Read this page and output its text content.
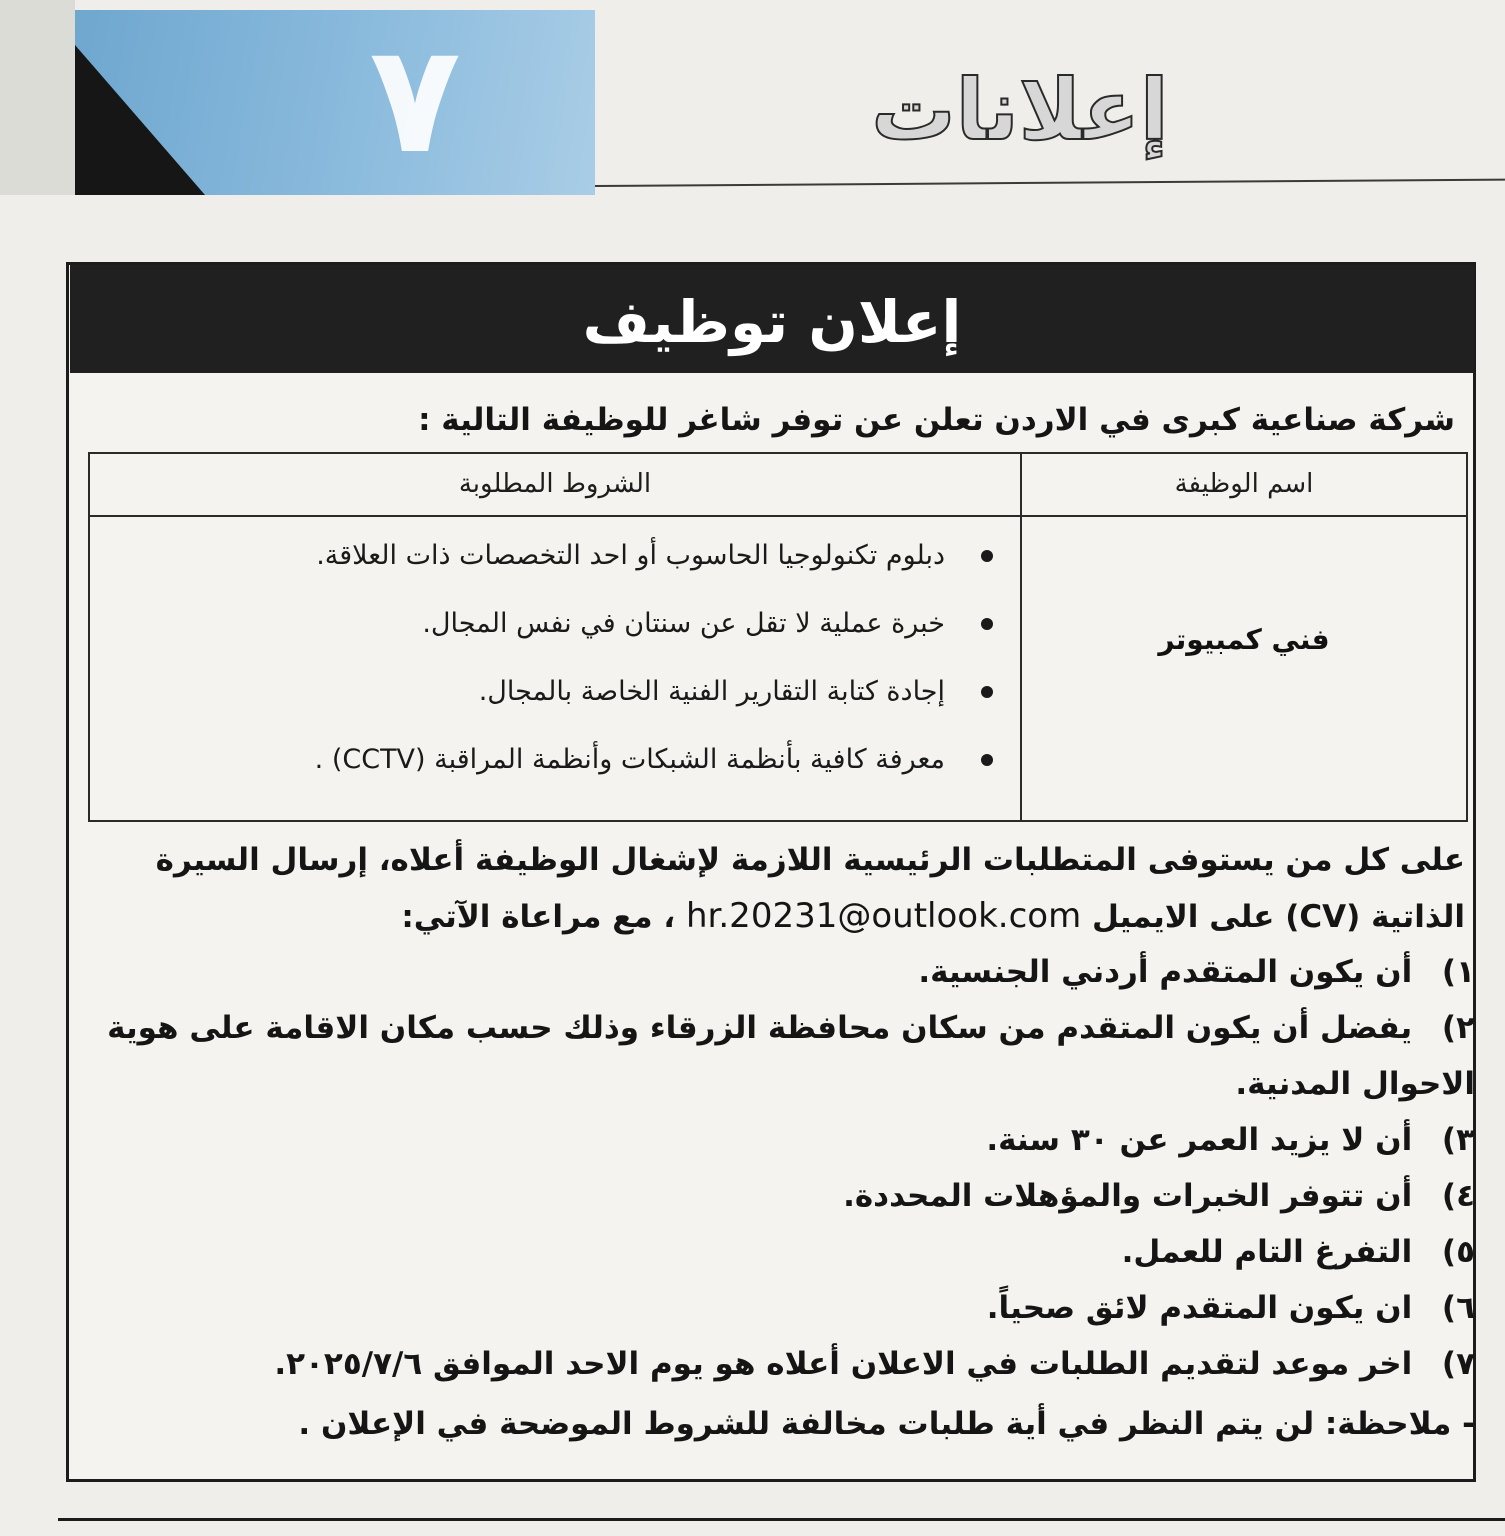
٧	إعلانات
إعلان توظيف
شركة صناعية كبرى في الاردن تعلن عن توفر شاغر للوظيفة التالية :
اسم الوظيفة
الشروط المطلوبة
فني كمبيوتر
دبلوم تكنولوجيا الحاسوب أو احد التخصصات ذات العلاقة.
خبرة عملية لا تقل عن سنتان في نفس المجال.
إجادة كتابة التقارير الفنية الخاصة بالمجال.
معرفة كافية بأنظمة الشبكات وأنظمة المراقبة (CCTV) .
على كل من يستوفى المتطلبات الرئيسية اللازمة لإشغال الوظيفة أعلاه، إرسال السيرة
الذاتية (CV) على الايميل hr.20231@outlook.com ، مع مراعاة الآتي:
١) أن يكون المتقدم أردني الجنسية.
٢) يفضل أن يكون المتقدم من سكان محافظة الزرقاء وذلك حسب مكان الاقامة على هوية الاحوال المدنية.
٣) أن لا يزيد العمر عن ٣٠ سنة.
٤) أن تتوفر الخبرات والمؤهلات المحددة.
٥) التفرغ التام للعمل.
٦) ان يكون المتقدم لائق صحياً.
٧) اخر موعد لتقديم الطلبات في الاعلان أعلاه هو يوم الاحد الموافق ٢٠٢٥/٧/٦.
- ملاحظة: لن يتم النظر في أية طلبات مخالفة للشروط الموضحة في الإعلان .
